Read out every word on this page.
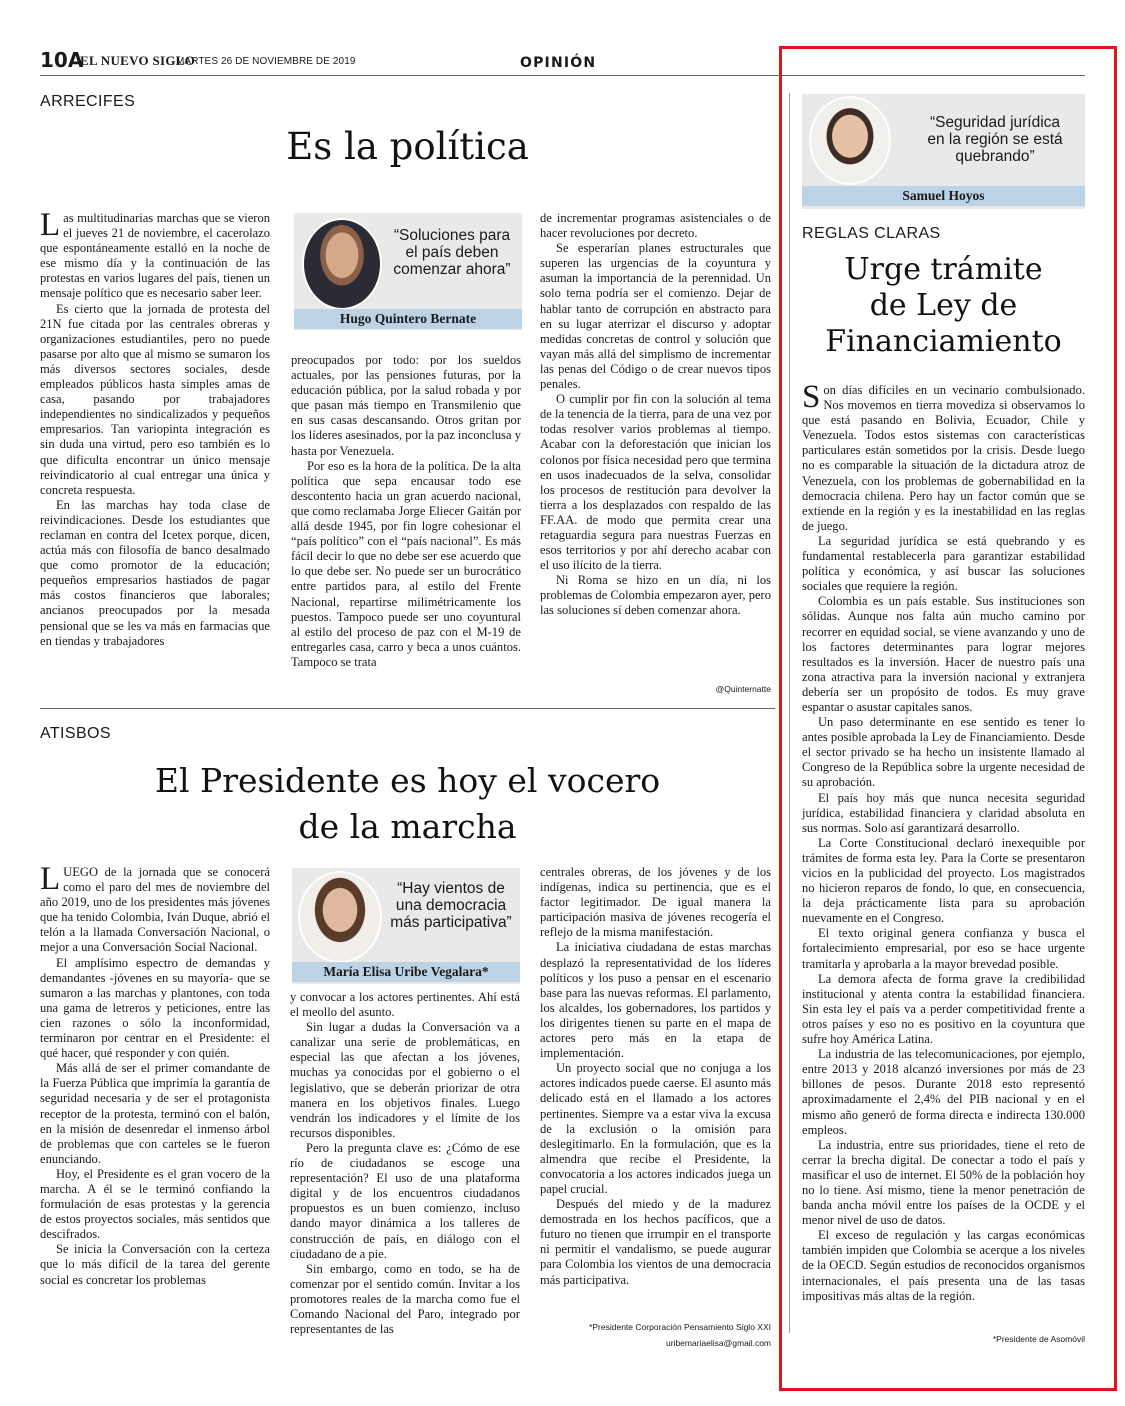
10A
EL NUEVO SIGLO
MARTES 26 DE NOVIEMBRE DE 2019	OPINIÓN
ARRECIFES
Es la política

Las multitudinarias marchas que se vieron el jueves 21 de noviembre, el cacerolazo que espontáneamente estalló en la noche de ese mismo día y la continuación de las protestas en varios lugares del país, tienen un mensaje político que es necesario saber leer.

Es cierto que la jornada de protesta del 21N fue citada por las centrales obreras y organizaciones estudiantiles, pero no puede pasarse por alto que al mismo se sumaron los más diversos sectores sociales, desde empleados públicos hasta simples amas de casa, pasando por trabajadores independientes no sindicalizados y pequeños empresarios. Tan variopinta integración es sin duda una virtud, pero eso también es lo que dificulta encontrar un único mensaje reivindicatorio al cual entregar una única y concreta respuesta.

En las marchas hay toda clase de reivindicaciones. Desde los estudiantes que reclaman en contra del Icetex porque, dicen, actúa más con filosofía de banco desalmado que como promotor de la educación; pequeños empresarios hastiados de pagar más costos financieros que laborales; ancianos preocupados por la mesada pensional que se les va más en farmacias que en tiendas y trabajadores

“Soluciones para el país deben comenzar ahora”
Hugo Quintero Bernate

preocupados por todo: por los sueldos actuales, por las pensiones futuras, por la educación pública, por la salud robada y por que pasan más tiempo en Transmilenio que en sus casas descansando. Otros gritan por los líderes asesinados, por la paz inconclusa y hasta por Venezuela.

Por eso es la hora de la política. De la alta política que sepa encausar todo ese descontento hacia un gran acuerdo nacional, que como reclamaba Jorge Eliecer Gaitán por allá desde 1945, por fin logre cohesionar el “país político” con el “país nacional”. Es más fácil decir lo que no debe ser ese acuerdo que lo que debe ser. No puede ser un burocrático entre partidos para, al estilo del Frente Nacional, repartirse milimétricamente los puestos. Tampoco puede ser uno coyuntural al estilo del proceso de paz con el M-19 de entregarles casa, carro y beca a unos cuántos. Tampoco se trata

de incrementar programas asistenciales o de hacer revoluciones por decreto.

Se esperarían planes estructurales que superen las urgencias de la coyuntura y asuman la importancia de la perennidad. Un solo tema podría ser el comienzo. Dejar de hablar tanto de corrupción en abstracto para en su lugar aterrizar el discurso y adoptar medidas concretas de control y solución que vayan más allá del simplismo de incrementar las penas del Código o de crear nuevos tipos penales.

O cumplir por fin con la solución al tema de la tenencia de la tierra, para de una vez por todas resolver varios problemas al tiempo. Acabar con la deforestación que inician los colonos por física necesidad pero que termina en usos inadecuados de la selva, consolidar los procesos de restitución para devolver la tierra a los desplazados con respaldo de las FF.AA. de modo que permita crear una retaguardia segura para nuestras Fuerzas en esos territorios y por ahí derecho acabar con el uso ilícito de la tierra.

Ni Roma se hizo en un día, ni los problemas de Colombia empezaron ayer, pero las soluciones sí deben comenzar ahora.

@Quinternatte
ATISBOS
El Presidente es hoy el vocero
de la marcha

LUEGO de la jornada que se conocerá como el paro del mes de noviembre del año 2019, uno de los presidentes más jóvenes que ha tenido Colombia, Iván Duque, abrió el telón a la llamada Conversación Nacional, o mejor a una Conversación Social Nacional.

El amplísimo espectro de demandas y demandantes -jóvenes en su mayoría- que se sumaron a las marchas y plantones, con toda una gama de letreros y peticiones, entre las cien razones o sólo la inconformidad, terminaron por centrar en el Presidente: el qué hacer, qué responder y con quién.

Más allá de ser el primer comandante de la Fuerza Pública que imprimía la garantía de seguridad necesaria y de ser el protagonista receptor de la protesta, terminó con el balón, en la misión de desenredar el inmenso árbol de problemas que con carteles se le fueron enunciando.

Hoy, el Presidente es el gran vocero de la marcha. A él se le terminó confiando la formulación de esas protestas y la gerencia de estos proyectos sociales, más sentidos que descifrados.

Se inicia la Conversación con la certeza que lo más difícil de la tarea del gerente social es concretar los problemas

“Hay vientos de una democracia más participativa”
María Elisa Uribe Vegalara*

y convocar a los actores pertinentes. Ahí está el meollo del asunto.

Sin lugar a dudas la Conversación va a canalizar una serie de problemáticas, en especial las que afectan a los jóvenes, muchas ya conocidas por el gobierno o el legislativo, que se deberán priorizar de otra manera en los objetivos finales. Luego vendrán los indicadores y el límite de los recursos disponibles.

Pero la pregunta clave es: ¿Cómo de ese río de ciudadanos se escoge una representación? El uso de una plataforma digital y de los encuentros ciudadanos propuestos es un buen comienzo, incluso dando mayor dinámica a los talleres de construcción de país, en diálogo con el ciudadano de a pie.

Sin embargo, como en todo, se ha de comenzar por el sentido común. Invitar a los promotores reales de la marcha como fue el Comando Nacional del Paro, integrado por representantes de las

centrales obreras, de los jóvenes y de los indígenas, indica su pertinencia, que es el factor legitimador. De igual manera la participación masiva de jóvenes recogería el reflejo de la misma manifestación.

La iniciativa ciudadana de estas marchas desplazó la representatividad de los líderes políticos y los puso a pensar en el escenario base para las nuevas reformas. El parlamento, los alcaldes, los gobernadores, los partidos y los dirigentes tienen su parte en el mapa de actores pero más en la etapa de implementación.

Un proyecto social que no conjuga a los actores indicados puede caerse. El asunto más delicado está en el llamado a los actores pertinentes. Siempre va a estar viva la excusa de la exclusión o la omisión para deslegitimarlo. En la formulación, que es la almendra que recibe el Presidente, la convocatoria a los actores indicados juega un papel crucial.

Después del miedo y de la madurez demostrada en los hechos pacíficos, que a futuro no tienen que irrumpir en el transporte ni permitir el vandalismo, se puede augurar para Colombia los vientos de una democracia más participativa.

*Presidente Corporación Pensamiento Siglo XXI
uribemariaelisa@gmail.com
“Seguridad jurídica en la región se está quebrando”
Samuel Hoyos
REGLAS CLARAS
Urge trámite
de Ley de
Financiamiento

Son días difíciles en un vecinario combulsionado. Nos movemos en tierra movediza si observamos lo que está pasando en Bolivia, Ecuador, Chile y Venezuela. Todos estos sistemas con características particulares están sometidos por la crisis. Desde luego no es comparable la situación de la dictadura atroz de Venezuela, con los problemas de gobernabilidad en la democracia chilena. Pero hay un factor común que se extiende en la región y es la inestabilidad en las reglas de juego.

La seguridad jurídica se está quebrando y es fundamental restablecerla para garantizar estabilidad política y económica, y así buscar las soluciones sociales que requiere la región.

Colombia es un país estable. Sus instituciones son sólidas. Aunque nos falta aún mucho camino por recorrer en equidad social, se viene avanzando y uno de los factores determinantes para lograr mejores resultados es la inversión. Hacer de nuestro país una zona atractiva para la inversión nacional y extranjera debería ser un propósito de todos. Es muy grave espantar o asustar capitales sanos.

Un paso determinante en ese sentido es tener lo antes posible aprobada la Ley de Financiamiento. Desde el sector privado se ha hecho un insistente llamado al Congreso de la República sobre la urgente necesidad de su aprobación.

El país hoy más que nunca necesita seguridad jurídica, estabilidad financiera y claridad absoluta en sus normas. Solo así garantizará desarrollo.

La Corte Constitucional declaró inexequible por trámites de forma esta ley. Para la Corte se presentaron vicios en la publicidad del proyecto. Los magistrados no hicieron reparos de fondo, lo que, en consecuencia, la deja prácticamente lista para su aprobación nuevamente en el Congreso.

El texto original genera confianza y busca el fortalecimiento empresarial, por eso se hace urgente tramitarla y aprobarla a la mayor brevedad posible.

La demora afecta de forma grave la credibilidad institucional y atenta contra la estabilidad financiera. Sin esta ley el país va a perder competitividad frente a otros países y eso no es positivo en la coyuntura que sufre hoy América Latina.

La industria de las telecomunicaciones, por ejemplo, entre 2013 y 2018 alcanzó inversiones por más de 23 billones de pesos. Durante 2018 esto representó aproximadamente el 2,4% del PIB nacional y en el mismo año generó de forma directa e indirecta 130.000 empleos.

La industria, entre sus prioridades, tiene el reto de cerrar la brecha digital. De conectar a todo el país y masificar el uso de internet. El 50% de la población hoy no lo tiene. Así mismo, tiene la menor penetración de banda ancha móvil entre los países de la OCDE y el menor nivel de uso de datos.

El exceso de regulación y las cargas económicas también impiden que Colombia se acerque a los niveles de la OECD. Según estudios de reconocidos organismos internacionales, el país presenta una de las tasas impositivas más altas de la región.

*Presidente de Asomóvil
